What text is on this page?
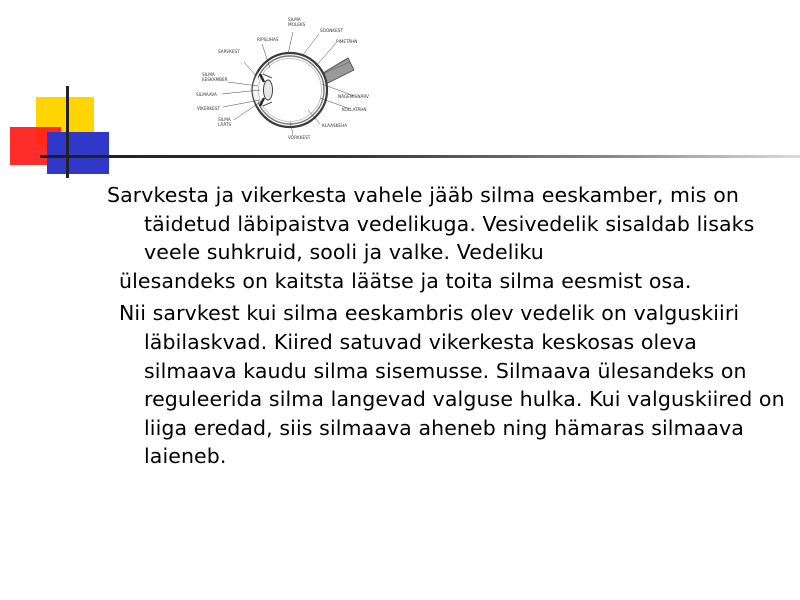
SILMA MOLEKS
RIPSLIHAS
SARVKEST
SILMA EESKAMBER
SILMAAVA
VIKERKEST
SILMA LÄÄTS
SOONKEST
PIMETÄHN
NÄGEMISNÄRV
KOLLATÄHN
KLAASKEHA
VÕRKKEST

Sarvkesta ja vikerkesta vahele jääb silma eeskamber, mis on täidetud läbipaistva vedelikuga. Vesivedelik sisaldab lisaks veele suhkruid, sooli ja valke. Vedeliku

ülesandeks on kaitsta läätse ja toita silma eesmist osa.

Nii sarvkest kui silma eeskambris olev vedelik on valguskiiri läbilaskvad. Kiired satuvad vikerkesta keskosas oleva silmaava kaudu silma sisemusse. Silmaava ülesandeks on reguleerida silma langevad valguse hulka. Kui valguskiired on liiga eredad, siis silmaava aheneb ning hämaras silmaava laieneb.
